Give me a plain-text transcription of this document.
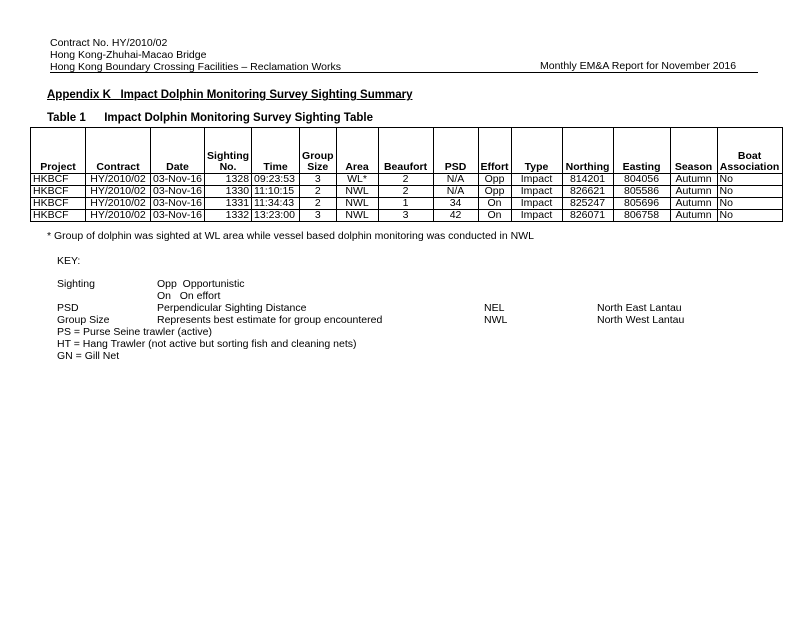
Contract No. HY/2010/02
Hong Kong-Zhuhai-Macao Bridge
Hong Kong Boundary Crossing Facilities – Reclamation Works	Monthly EM&A Report for November 2016
Appendix K   Impact Dolphin Monitoring Survey Sighting Summary
Table 1 Impact Dolphin Monitoring Survey Sighting Table
Project	Contract	Date	Sighting No.	Time	Group Size	Area	Beaufort	PSD	Effort	Type	Northing	Easting	Season	Boat Association
HKBCF	HY/2010/02	03-Nov-16	1328	09:23:53	3	WL*	2	N/A	Opp	Impact	814201	804056	Autumn	No
HKBCF	HY/2010/02	03-Nov-16	1330	11:10:15	2	NWL	2	N/A	Opp	Impact	826621	805586	Autumn	No
HKBCF	HY/2010/02	03-Nov-16	1331	11:34:43	2	NWL	1	34	On	Impact	825247	805696	Autumn	No
HKBCF	HY/2010/02	03-Nov-16	1332	13:23:00	3	NWL	3	42	On	Impact	826071	806758	Autumn	No
* Group of dolphin was sighted at WL area while vessel based dolphin monitoring was conducted in NWL
KEY:
Sighting	Opp  Opportunistic
On   On effort
PSD	Perpendicular Sighting Distance	NEL	North East Lantau
Group Size	Represents best estimate for group encountered	NWL	North West Lantau
PS = Purse Seine trawler (active)
HT = Hang Trawler (not active but sorting fish and cleaning nets)
GN = Gill Net
